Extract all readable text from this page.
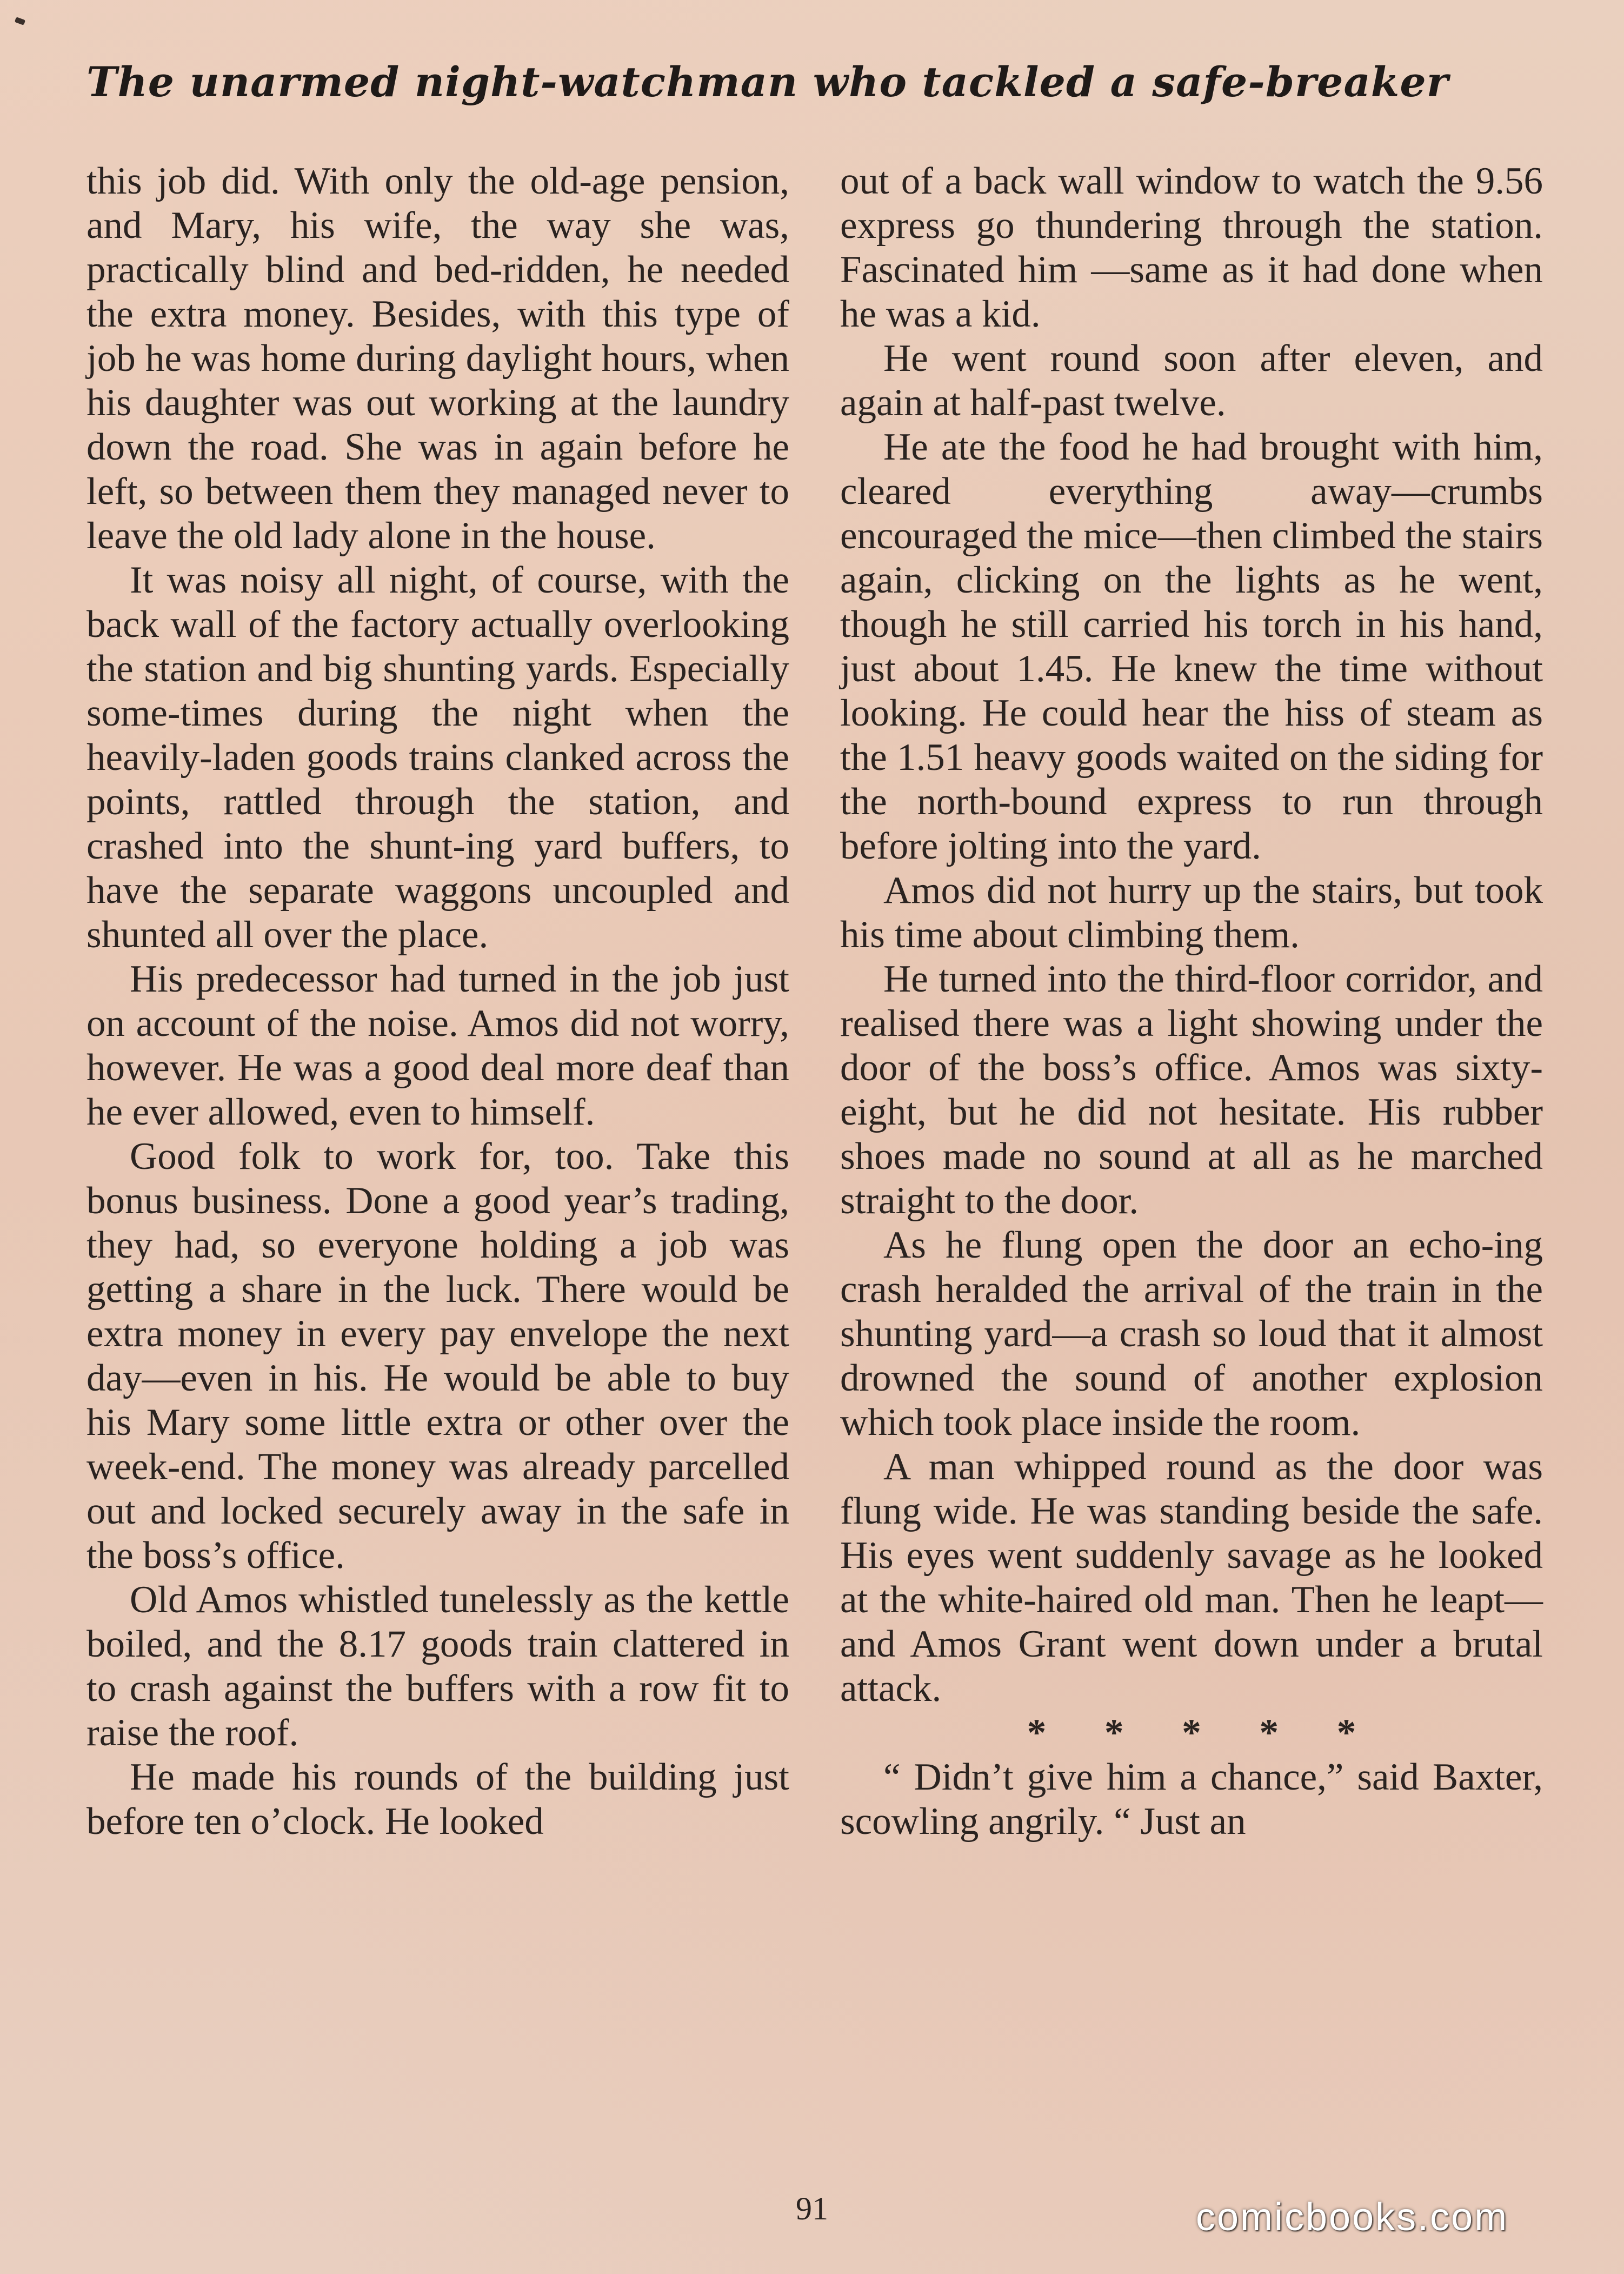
The unarmed night-watchman who tackled a safe-breaker

this job did. With only the old-age pension, and Mary, his wife, the way she was, practically blind and bed-ridden, he needed the extra money. Besides, with this type of job he was home during daylight hours, when his daughter was out working at the laundry down the road. She was in again before he left, so between them they managed never to leave the old lady alone in the house.

It was noisy all night, of course, with the back wall of the factory actually overlooking the station and big shunting yards. Especially some-times during the night when the heavily-laden goods trains clanked across the points, rattled through the station, and crashed into the shunt-ing yard buffers, to have the separate waggons uncoupled and shunted all over the place.

His predecessor had turned in the job just on account of the noise. Amos did not worry, however. He was a good deal more deaf than he ever allowed, even to himself.

Good folk to work for, too. Take this bonus business. Done a good year’s trading, they had, so everyone holding a job was getting a share in the luck. There would be extra money in every pay envelope the next day—even in his. He would be able to buy his Mary some little extra or other over the week-end. The money was already parcelled out and locked securely away in the safe in the boss’s office.

Old Amos whistled tunelessly as the kettle boiled, and the 8.17 goods train clattered in to crash against the buffers with a row fit to raise the roof.

He made his rounds of the building just before ten o’clock. He looked

out of a back wall window to watch the 9.56 express go thundering through the station. Fascinated him —same as it had done when he was a kid.

He went round soon after eleven, and again at half-past twelve.

He ate the food he had brought with him, cleared everything away—crumbs encouraged the mice—then climbed the stairs again, clicking on the lights as he went, though he still carried his torch in his hand, just about 1.45. He knew the time without looking. He could hear the hiss of steam as the 1.51 heavy goods waited on the siding for the north-bound express to run through before jolting into the yard.

Amos did not hurry up the stairs, but took his time about climbing them.

He turned into the third-floor corridor, and realised there was a light showing under the door of the boss’s office. Amos was sixty-eight, but he did not hesitate. His rubber shoes made no sound at all as he marched straight to the door.

As he flung open the door an echo-ing crash heralded the arrival of the train in the shunting yard—a crash so loud that it almost drowned the sound of another explosion which took place inside the room.

A man whipped round as the door was flung wide. He was standing beside the safe. His eyes went suddenly savage as he looked at the white-haired old man. Then he leapt—and Amos Grant went down under a brutal attack.

* * * * *

“ Didn’t give him a chance,” said Baxter, scowling angrily. “ Just an

91	comicbooks.com
